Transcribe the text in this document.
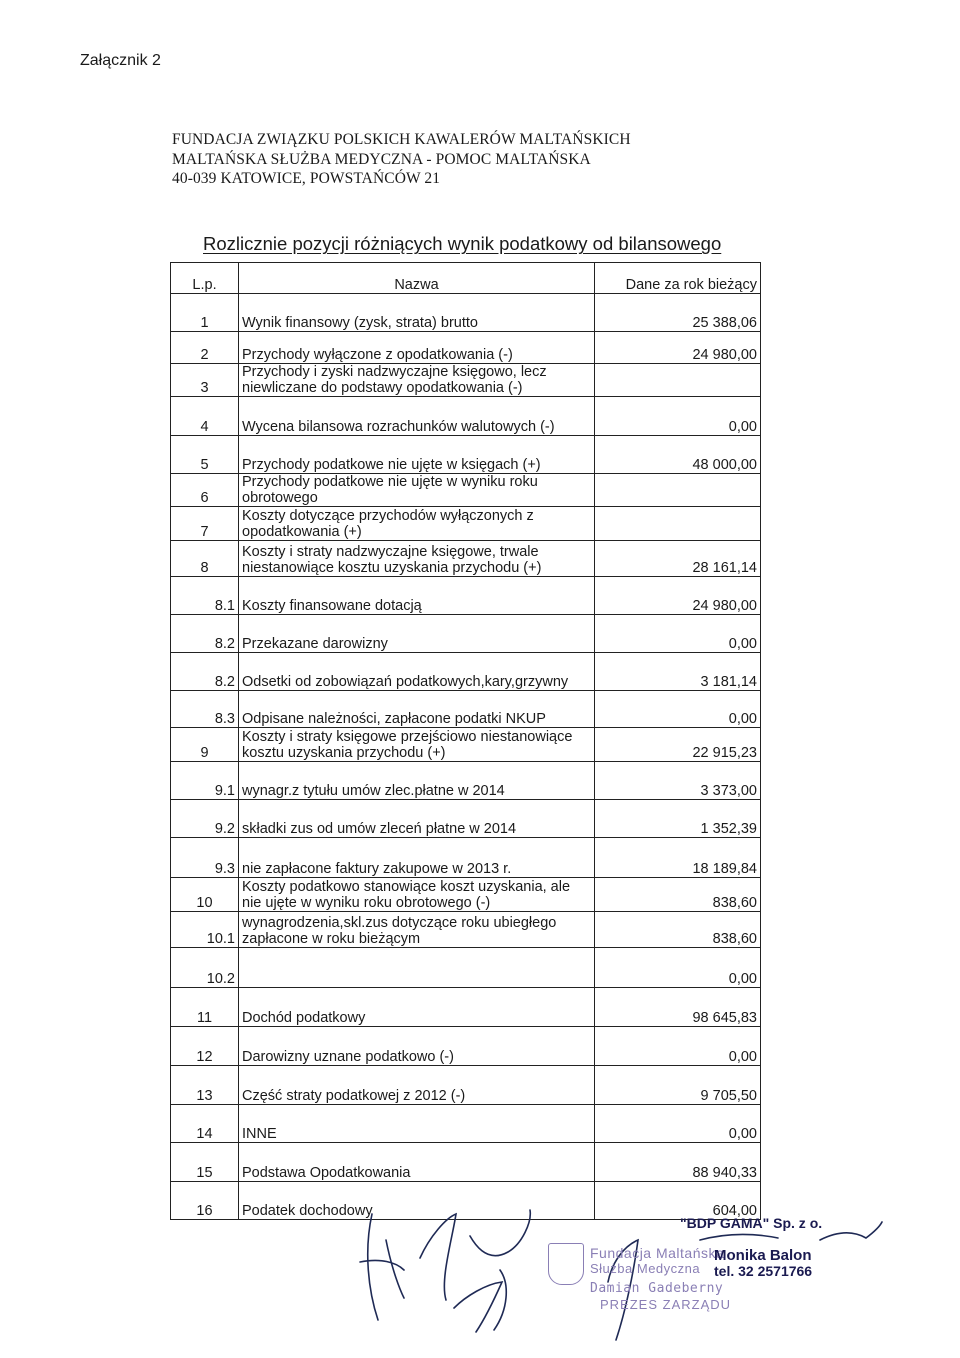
Załącznik 2
FUNDACJA ZWIĄZKU POLSKICH KAWALERÓW MALTAŃSKICH
MALTAŃSKA SŁUŻBA MEDYCZNA - POMOC MALTAŃSKA
40-039 KATOWICE, POWSTAŃCÓW 21
Rozlicznie pozycji różniących wynik podatkowy od bilansowego
L.p.	Nazwa	Dane za rok bieżący
1	Wynik finansowy (zysk, strata) brutto	25 388,06
2	Przychody wyłączone z opodatkowania (-)	24 980,00
3	Przychody i zyski nadzwyczajne księgowo, lecz niewliczane do podstawy opodatkowania (-)	
4	Wycena bilansowa rozrachunków walutowych (-)	0,00
5	Przychody podatkowe nie ujęte w księgach (+)	48 000,00
6	Przychody podatkowe nie ujęte w wyniku roku obrotowego	
7	Koszty dotyczące przychodów wyłączonych z opodatkowania (+)	
8	Koszty i straty nadzwyczajne księgowe, trwale niestanowiące kosztu uzyskania przychodu (+)	28 161,14
8.1	Koszty finansowane dotacją	24 980,00
8.2	Przekazane darowizny	0,00
8.2	Odsetki od zobowiązań podatkowych,kary,grzywny	3 181,14
8.3	Odpisane należności, zapłacone podatki NKUP	0,00
9	Koszty i straty księgowe przejściowo niestanowiące kosztu uzyskania przychodu (+)	22 915,23
9.1	wynagr.z tytułu umów zlec.płatne w 2014	3 373,00
9.2	składki zus od umów zleceń płatne w 2014	1 352,39
9.3	nie zapłacone faktury zakupowe w 2013 r.	18 189,84
10	Koszty podatkowo stanowiące koszt uzyskania, ale nie ujęte w wyniku roku obrotowego (-)	838,60
10.1	wynagrodzenia,skl.zus dotyczące roku ubiegłego zapłacone w roku bieżącym	838,60
10.2		0,00
11	Dochód podatkowy	98 645,83
12	Darowizny uznane podatkowo (-)	0,00
13	Część straty podatkowej z 2012 (-)	9 705,50
14	INNE	0,00
15	Podstawa Opodatkowania	88 940,33
16	Podatek dochodowy	604,00
Fundacja Maltańska
Służba Medyczna
Damian Gadeberny
PREZES ZARZĄDU
"BDP GAMA" Sp. z o.
Monika Balon
tel. 32 2571766
